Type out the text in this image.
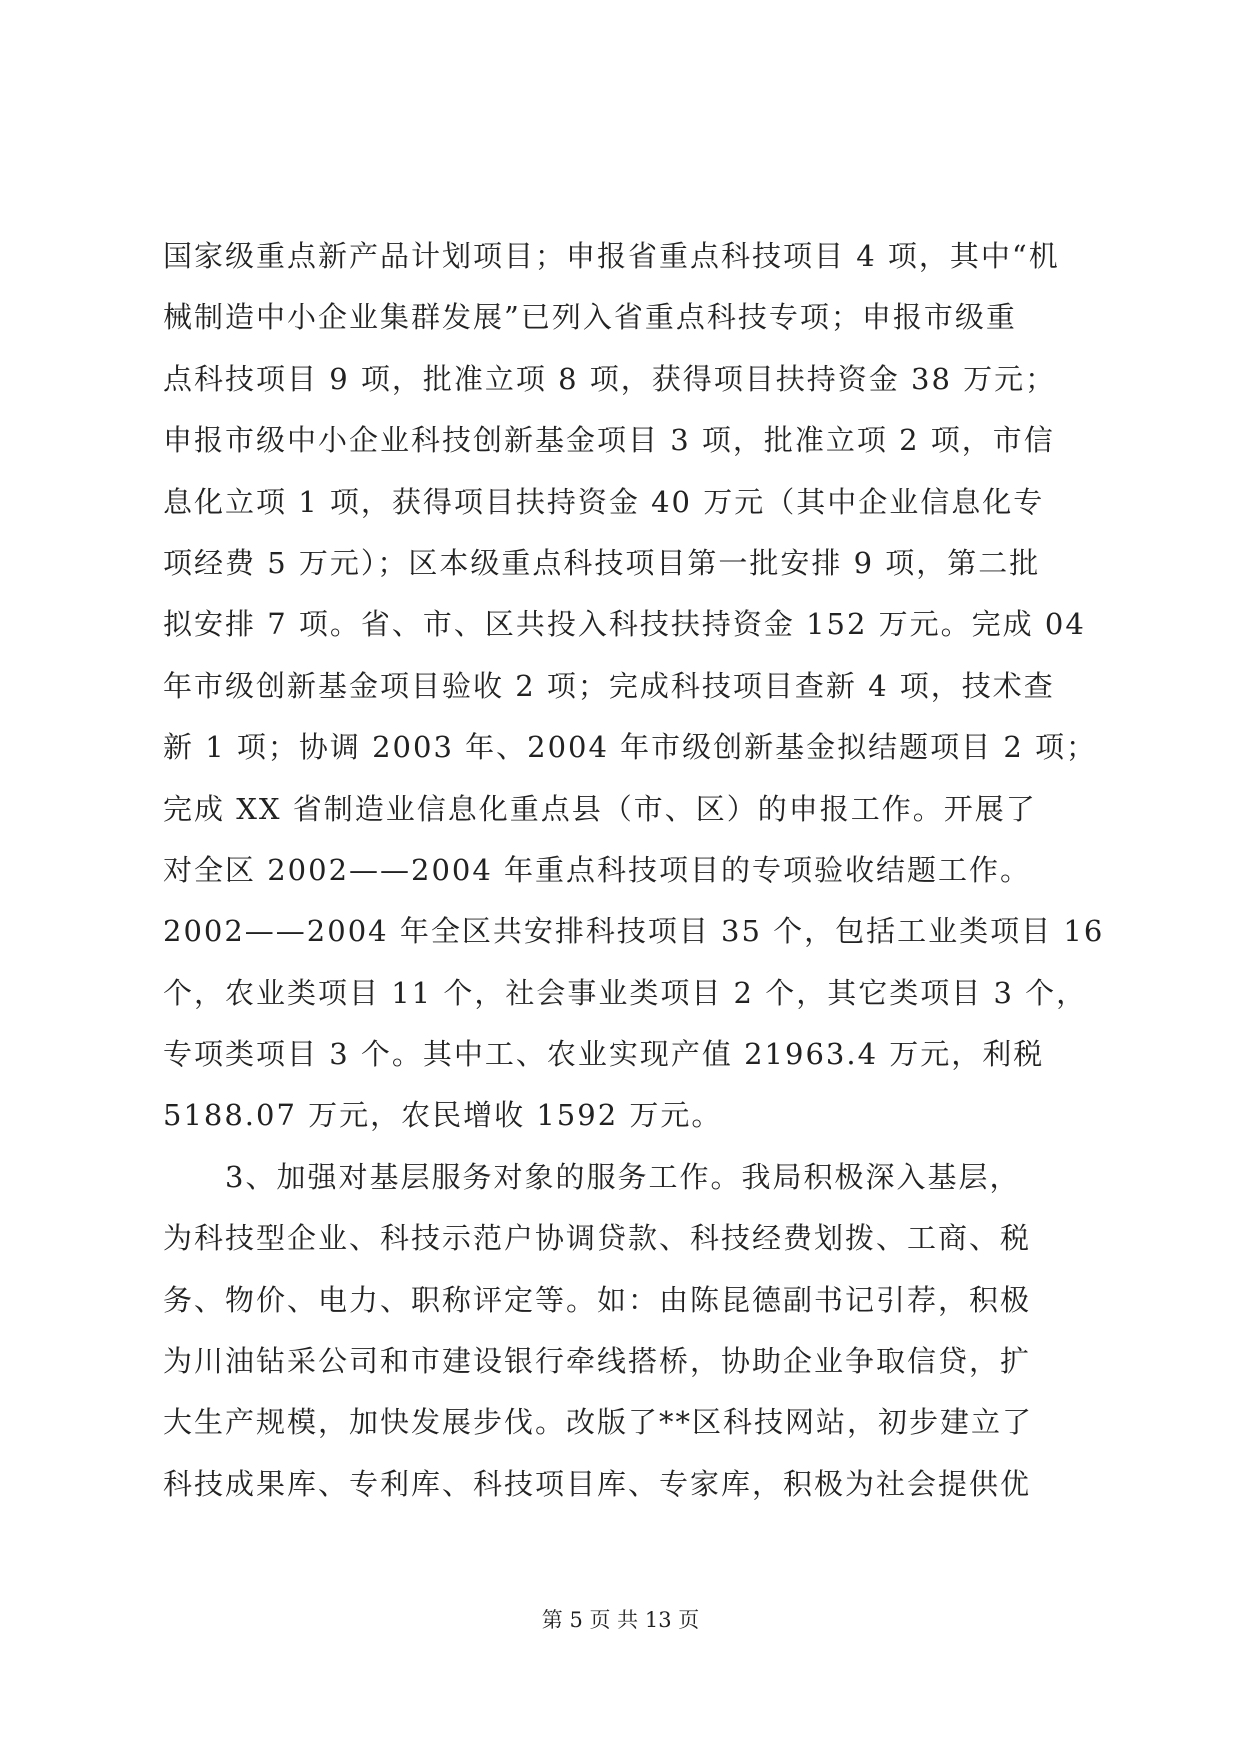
国家级重点新产品计划项目；申报省重点科技项目 4 项，其中“机
械制造中小企业集群发展”已列入省重点科技专项；申报市级重
点科技项目 9 项，批准立项 8 项，获得项目扶持资金 38 万元；
申报市级中小企业科技创新基金项目 3 项，批准立项 2 项，市信
息化立项 1 项，获得项目扶持资金 40 万元（其中企业信息化专
项经费 5 万元）；区本级重点科技项目第一批安排 9 项，第二批
拟安排 7 项。省、市、区共投入科技扶持资金 152 万元。完成 04
年市级创新基金项目验收 2 项；完成科技项目查新 4 项，技术查
新 1 项；协调 2003 年、2004 年市级创新基金拟结题项目 2 项；
完成 XX 省制造业信息化重点县（市、区）的申报工作。开展了
对全区 2002——2004 年重点科技项目的专项验收结题工作。
2002——2004 年全区共安排科技项目 35 个，包括工业类项目 16
个，农业类项目 11 个，社会事业类项目 2 个，其它类项目 3 个，
专项类项目 3 个。其中工、农业实现产值 21963.4 万元，利税
5188.07 万元，农民增收 1592 万元。
　　3、加强对基层服务对象的服务工作。我局积极深入基层，
为科技型企业、科技示范户协调贷款、科技经费划拨、工商、税
务、物价、电力、职称评定等。如：由陈昆德副书记引荐，积极
为川油钻采公司和市建设银行牵线搭桥，协助企业争取信贷，扩
大生产规模，加快发展步伐。改版了**区科技网站，初步建立了
科技成果库、专利库、科技项目库、专家库，积极为社会提供优
第 5 页 共 13 页
